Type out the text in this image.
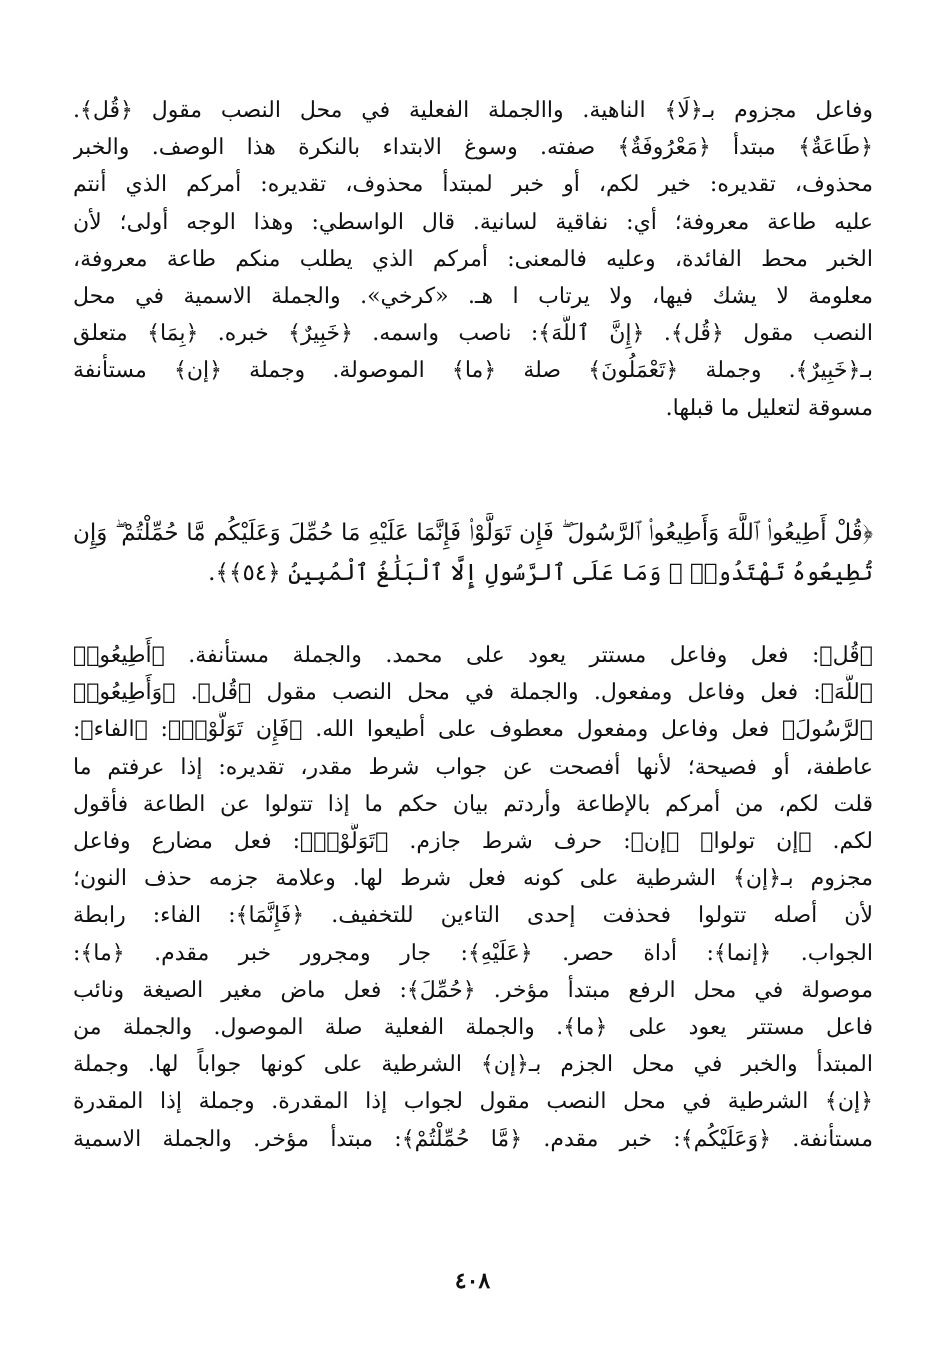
وفاعل مجزوم بـ﴿لَا﴾ الناهية. واالجملة الفعلية في محل النصب مقول ﴿قُل﴾.
﴿طَاعَةٌ﴾ مبتدأ ﴿مَعْرُوفَةٌ﴾ صفته. وسوغ الابتداء بالنكرة هذا الوصف. والخبر
محذوف، تقديره: خير لكم، أو خبر لمبتدأ محذوف، تقديره: أمركم الذي أنتم
عليه طاعة معروفة؛ أي: نفاقية لسانية. قال الواسطي: وهذا الوجه أولى؛ لأن
الخبر محط الفائدة، وعليه فالمعنى: أمركم الذي يطلب منكم طاعة معروفة،
معلومة لا يشك فيها، ولا يرتاب ا هـ. «كرخي». والجملة الاسمية في محل
النصب مقول ﴿قُل﴾. ﴿إِنَّ ٱللَّهَ﴾: ناصب واسمه. ﴿خَبِيرٌ﴾ خبره. ﴿بِمَا﴾ متعلق
بـ﴿خَبِيرٌ﴾. وجملة ﴿تَعْمَلُونَ﴾ صلة ﴿ما﴾ الموصولة. وجملة ﴿إن﴾ مستأنفة
مسوقة لتعليل ما قبلها.
﴿قُلْ أَطِيعُوا۟ ٱللَّهَ وَأَطِيعُوا۟ ٱلرَّسُولَ ۖ فَإِن تَوَلَّوْا۟ فَإِنَّمَا عَلَيْهِ مَا حُمِّلَ وَعَلَيْكُم مَّا حُمِّلْتُمْ ۖ وَإِن
تُطِيعُوهُ تَهْتَدُوا۟ ۚ وَمَا عَلَى ٱلرَّسُولِ إِلَّا ٱلْبَلَٰغُ ٱلْمُبِينُ ﴿٥٤﴾﴾.
﴿قُل﴾: فعل وفاعل مستتر يعود على محمد. والجملة مستأنفة. ﴿أَطِيعُوا۟
ٱللَّهَ﴾: فعل وفاعل ومفعول. والجملة في محل النصب مقول ﴿قُل﴾. ﴿وَأَطِيعُوا۟
ٱلرَّسُولَ﴾ فعل وفاعل ومفعول معطوف على أطيعوا الله. ﴿فَإِن تَوَلَّوْا۟﴾: ﴿الفاء﴾:
عاطفة، أو فصيحة؛ لأنها أفصحت عن جواب شرط مقدر، تقديره: إذا عرفتم ما
قلت لكم، من أمركم بالإطاعة وأردتم بيان حكم ما إذا تتولوا عن الطاعة فأقول
لكم. ﴿إن تولوا﴾ ﴿إن﴾: حرف شرط جازم. ﴿تَوَلَّوْا۟﴾: فعل مضارع وفاعل
مجزوم بـ﴿إن﴾ الشرطية على كونه فعل شرط لها. وعلامة جزمه حذف النون؛
لأن أصله تتولوا فحذفت إحدى التاءين للتخفيف. ﴿فَإِنَّمَا﴾: الفاء: رابطة
الجواب. ﴿إنما﴾: أداة حصر. ﴿عَلَيْهِ﴾: جار ومجرور خبر مقدم. ﴿ما﴾:
موصولة في محل الرفع مبتدأ مؤخر. ﴿حُمِّلَ﴾: فعل ماض مغير الصيغة ونائب
فاعل مستتر يعود على ﴿ما﴾. والجملة الفعلية صلة الموصول. والجملة من
المبتدأ والخبر في محل الجزم بـ﴿إن﴾ الشرطية على كونها جواباً لها. وجملة
﴿إن﴾ الشرطية في محل النصب مقول لجواب إذا المقدرة. وجملة إذا المقدرة
مستأنفة. ﴿وَعَلَيْكُم﴾: خبر مقدم. ﴿مَّا حُمِّلْتُمْ﴾: مبتدأ مؤخر. والجملة الاسمية
٤٠٨
